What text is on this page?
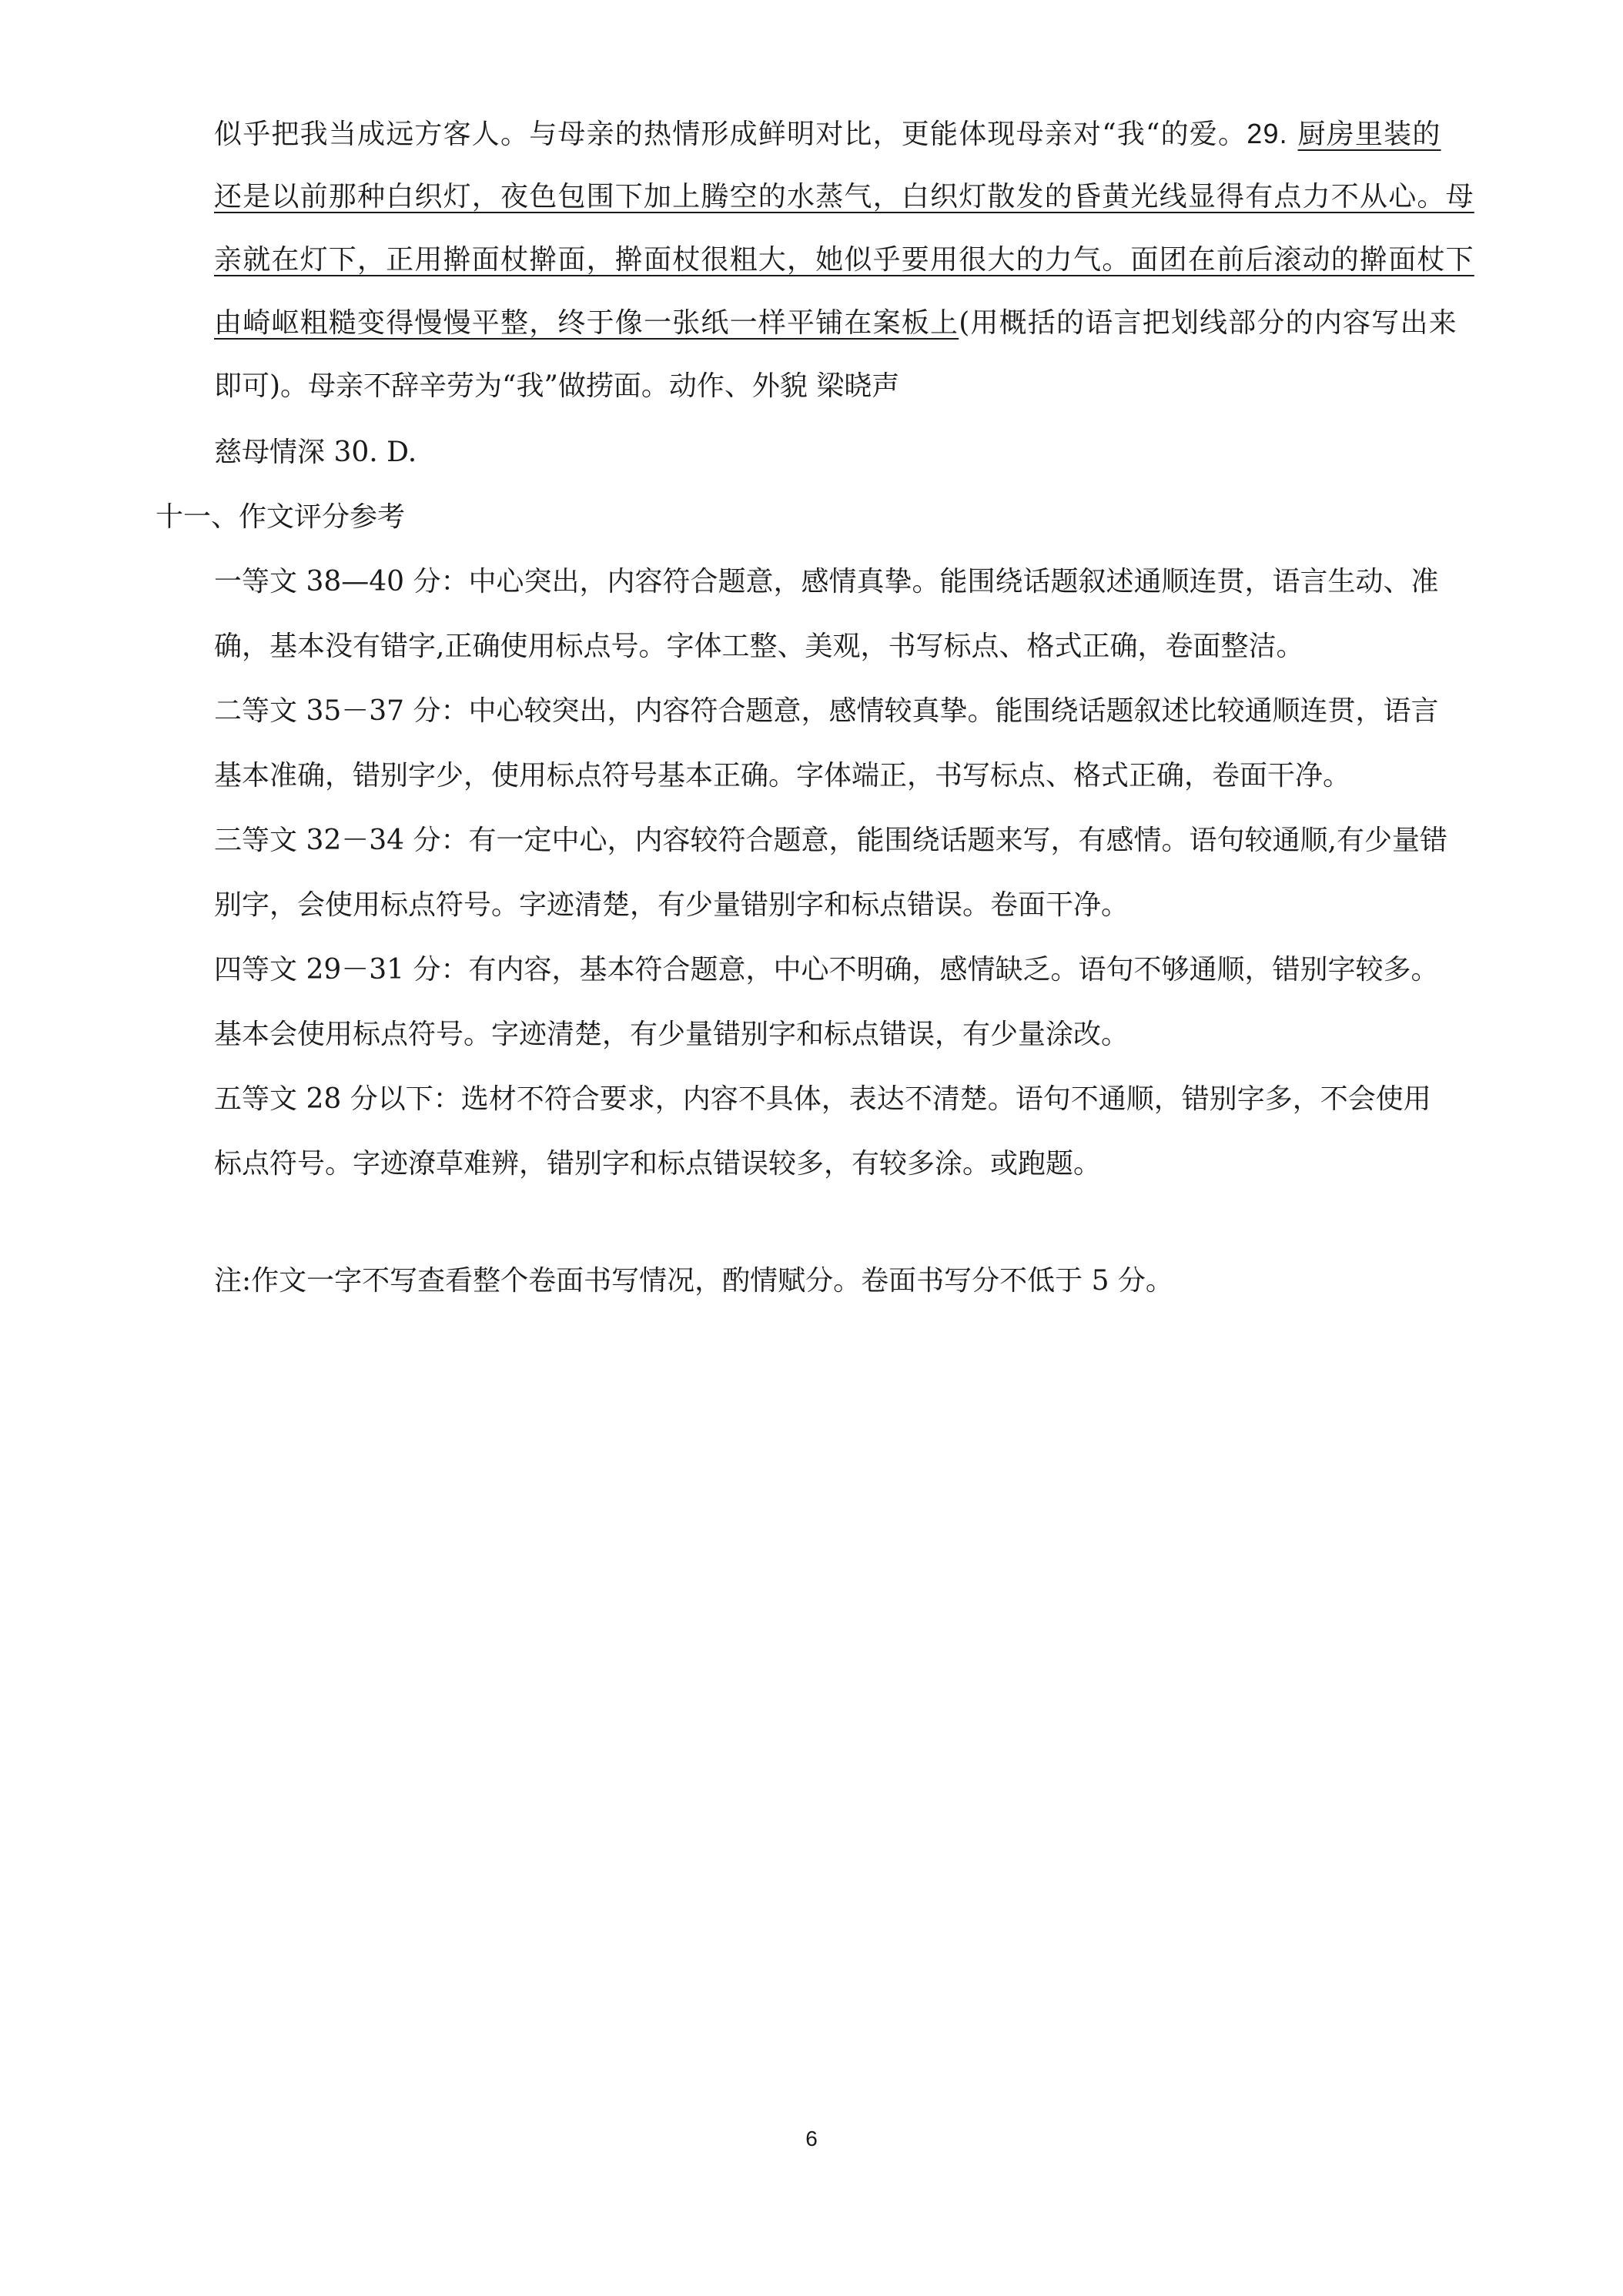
似乎把我当成远方客人。与母亲的热情形成鲜明对比，更能体现母亲对“我“的爱。29. 厨房里装的
还是以前那种白织灯，夜色包围下加上腾空的水蒸气，白织灯散发的昏黄光线显得有点力不从心。母
亲就在灯下，正用擀面杖擀面，擀面杖很粗大，她似乎要用很大的力气。面团在前后滚动的擀面杖下
由崎岖粗糙变得慢慢平整，终于像一张纸一样平铺在案板上(用概括的语言把划线部分的内容写出来
即可)。母亲不辞辛劳为“我”做捞面。动作、外貌 梁晓声
慈母情深 30. D.
十一、作文评分参考
一等文 38—40 分：中心突出，内容符合题意，感情真挚。能围绕话题叙述通顺连贯，语言生动、准
确，基本没有错字,正确使用标点号。字体工整、美观，书写标点、格式正确，卷面整洁。
二等文 35－37 分：中心较突出，内容符合题意，感情较真挚。能围绕话题叙述比较通顺连贯，语言
基本准确，错别字少，使用标点符号基本正确。字体端正，书写标点、格式正确，卷面干净。
三等文 32－34 分：有一定中心，内容较符合题意，能围绕话题来写，有感情。语句较通顺,有少量错
别字，会使用标点符号。字迹清楚，有少量错别字和标点错误。卷面干净。
四等文 29－31 分：有内容，基本符合题意，中心不明确，感情缺乏。语句不够通顺，错别字较多。
基本会使用标点符号。字迹清楚，有少量错别字和标点错误，有少量涂改。
五等文 28 分以下：选材不符合要求，内容不具体，表达不清楚。语句不通顺，错别字多，不会使用
标点符号。字迹潦草难辨，错别字和标点错误较多，有较多涂。或跑题。
注:作文一字不写查看整个卷面书写情况，酌情赋分。卷面书写分不低于 5 分。
6
